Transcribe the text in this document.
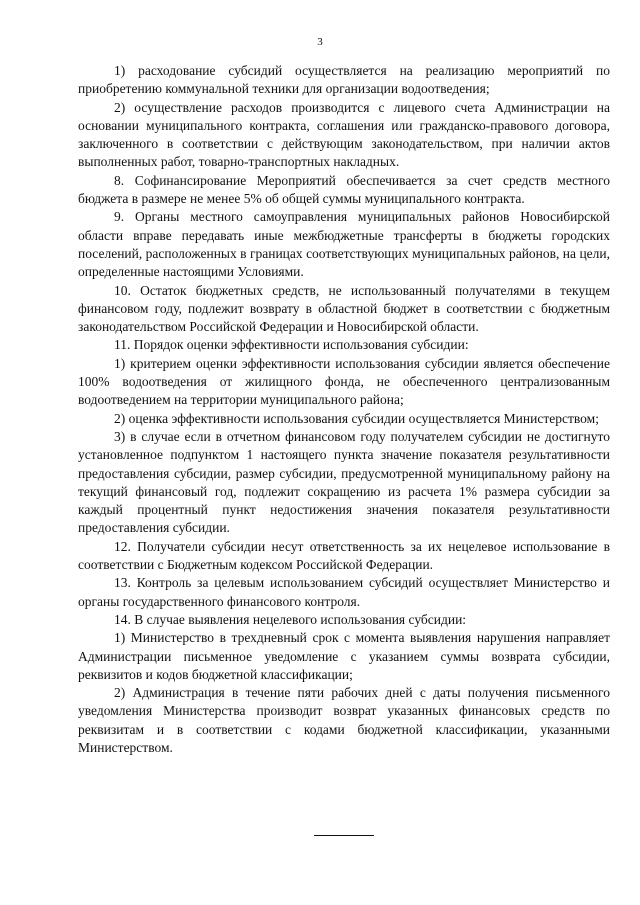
3

1) расходование субсидий осуществляется на реализацию мероприятий по приобретению коммунальной техники для организации водоотведения;

2) осуществление расходов производится с лицевого счета Администрации на основании муниципального контракта, соглашения или гражданско-правового договора, заключенного в соответствии с действующим законодательством, при наличии актов выполненных работ, товарно-транспортных накладных.

8. Софинансирование Мероприятий обеспечивается за счет средств местного бюджета в размере не менее 5% об общей суммы муниципального контракта.

9. Органы местного самоуправления муниципальных районов Новосибирской области вправе передавать иные межбюджетные трансферты в бюджеты городских поселений, расположенных в границах соответствующих муниципальных районов, на цели, определенные настоящими Условиями.

10. Остаток бюджетных средств, не использованный получателями в текущем финансовом году, подлежит возврату в областной бюджет в соответствии с бюджетным законодательством Российской Федерации и Новосибирской области.

11. Порядок оценки эффективности использования субсидии:

1) критерием оценки эффективности использования субсидии является обеспечение 100% водоотведения от жилищного фонда, не обеспеченного централизованным водоотведением на территории муниципального района;

2) оценка эффективности использования субсидии осуществляется Министерством;

3) в случае если в отчетном финансовом году получателем субсидии не достигнуто установленное подпунктом 1 настоящего пункта значение показателя результативности предоставления субсидии, размер субсидии, предусмотренной муниципальному району на текущий финансовый год, подлежит сокращению из расчета 1% размера субсидии за каждый процентный пункт недостижения значения показателя результативности предоставления субсидии.

12. Получатели субсидии несут ответственность за их нецелевое использование в соответствии с Бюджетным кодексом Российской Федерации.

13. Контроль за целевым использованием субсидий осуществляет Министерство и органы государственного финансового контроля.

14. В случае выявления нецелевого использования субсидии:

1) Министерство в трехдневный срок с момента выявления нарушения направляет Администрации письменное уведомление с указанием суммы возврата субсидии, реквизитов и кодов бюджетной классификации;

2) Администрация в течение пяти рабочих дней с даты получения письменного уведомления Министерства производит возврат указанных финансовых средств по реквизитам и в соответствии с кодами бюджетной классификации, указанными Министерством.
